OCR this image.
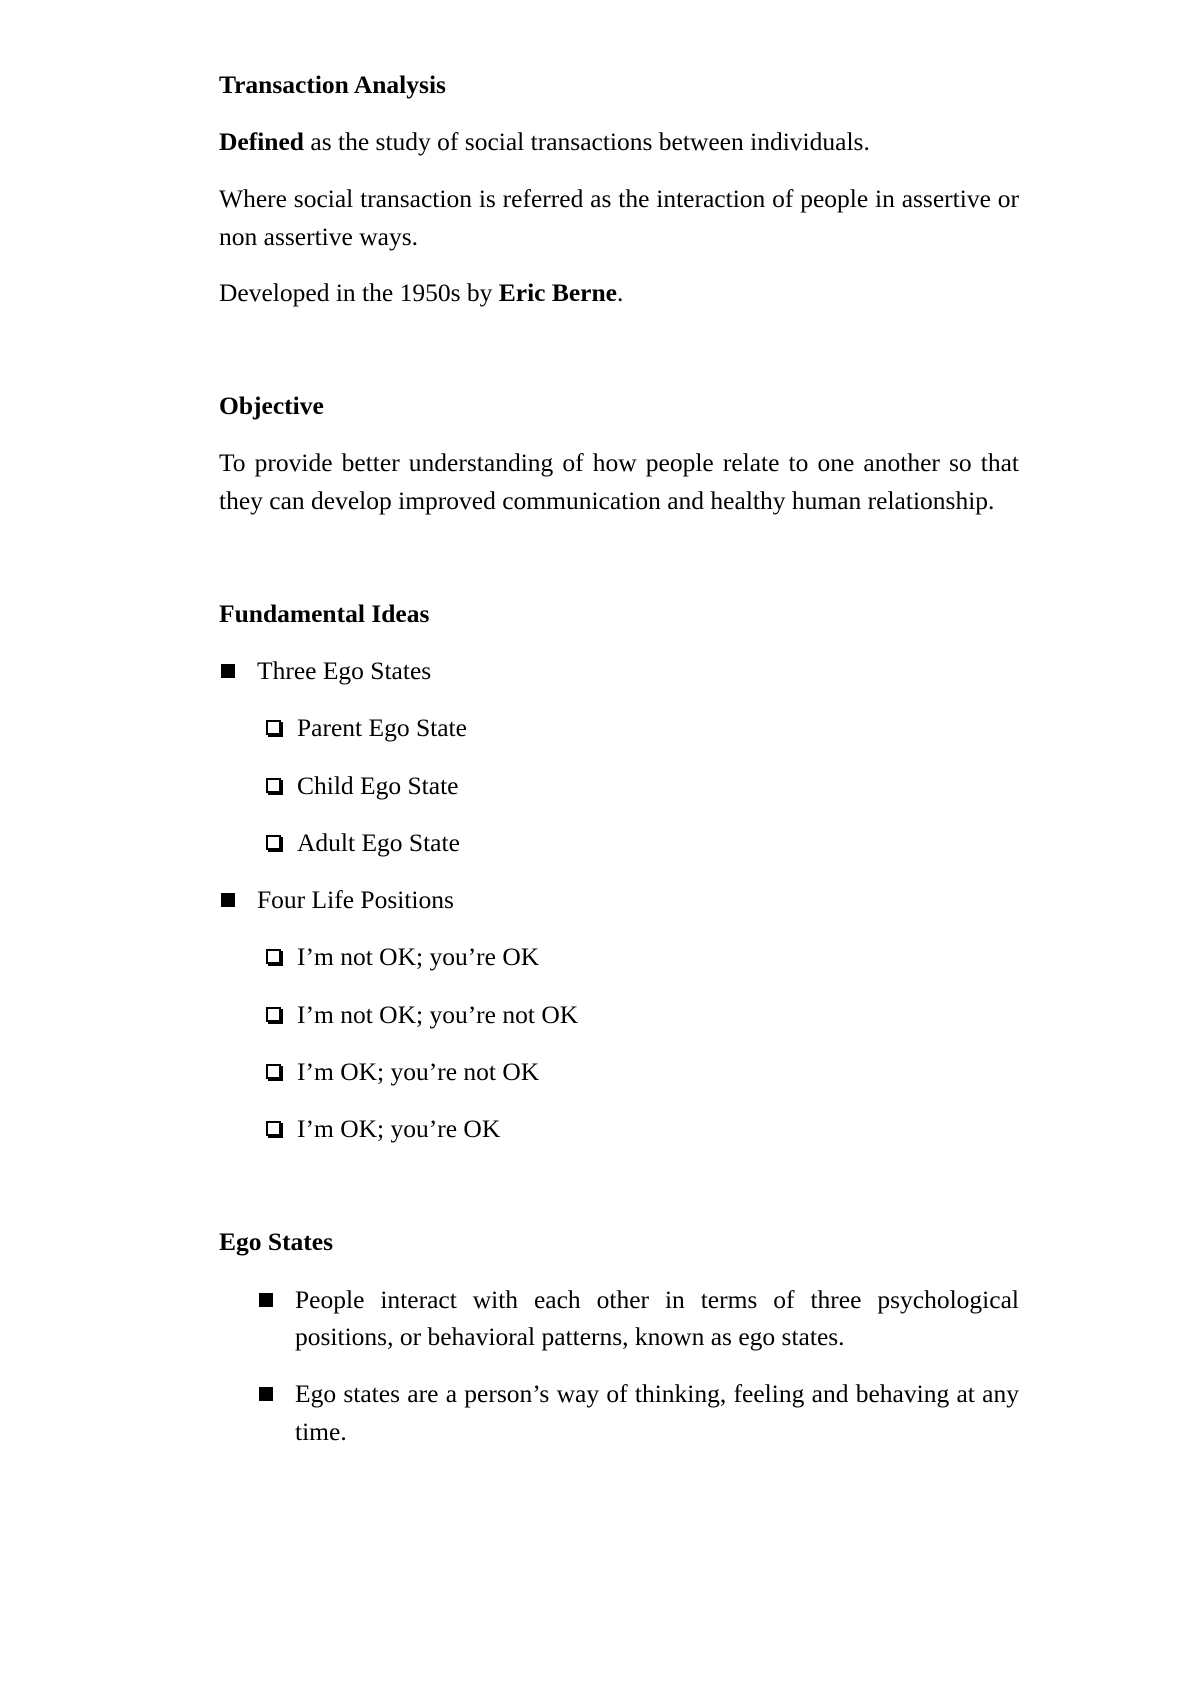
Transaction Analysis

Defined as the study of social transactions between individuals.

Where social transaction is referred as the interaction of people in assertive or non assertive ways.

Developed in the 1950s by Eric Berne.

Objective

To provide better understanding of how people relate to one another so that they can develop improved communication and healthy human relationship.

Fundamental Ideas

Three Ego States
Parent Ego State
Child Ego State
Adult Ego State
Four Life Positions
I’m not OK; you’re OK
I’m not OK; you’re not OK
I’m OK; you’re not OK
I’m OK; you’re OK

Ego States

People interact with each other in terms of three psychological positions, or behavioral patterns, known as ego states.
Ego states are a person’s way of thinking, feeling and behaving at any time.
